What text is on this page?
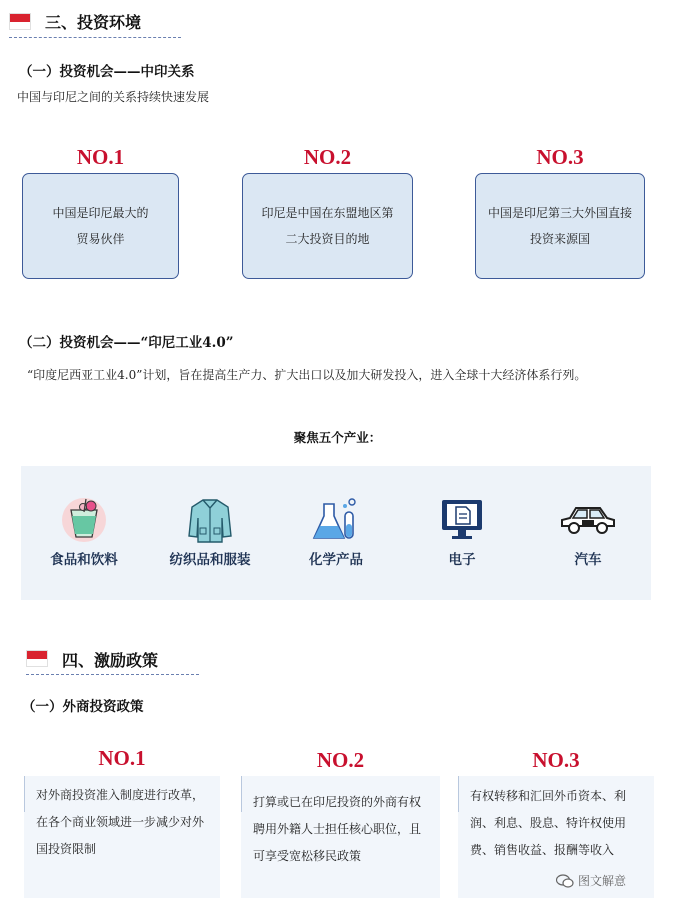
三、投资环境
（一）投资机会——中印关系
中国与印尼之间的关系持续快速发展
NO.1	NO.2	NO.3
中国是印尼最大的贸易伙伴
印尼是中国在东盟地区第二大投资目的地
中国是印尼第三大外国直接投资来源国
（二）投资机会——“印尼工业4.0”
“印度尼西亚工业4.0”计划，旨在提高生产力、扩大出口以及加大研发投入，进入全球十大经济体系行列。
聚焦五个产业：
食品和饮料	纺织品和服装	化学产品	电子	汽车
四、激励政策
（一）外商投资政策
NO.1	NO.2	NO.3
对外商投资准入制度进行改革，在各个商业领域进一步减少对外国投资限制
打算或已在印尼投资的外商有权聘用外籍人士担任核心职位，且可享受宽松移民政策
有权转移和汇回外币资本、利润、利息、股息、特许权使用费、销售收益、报酬等收入
图文解意
